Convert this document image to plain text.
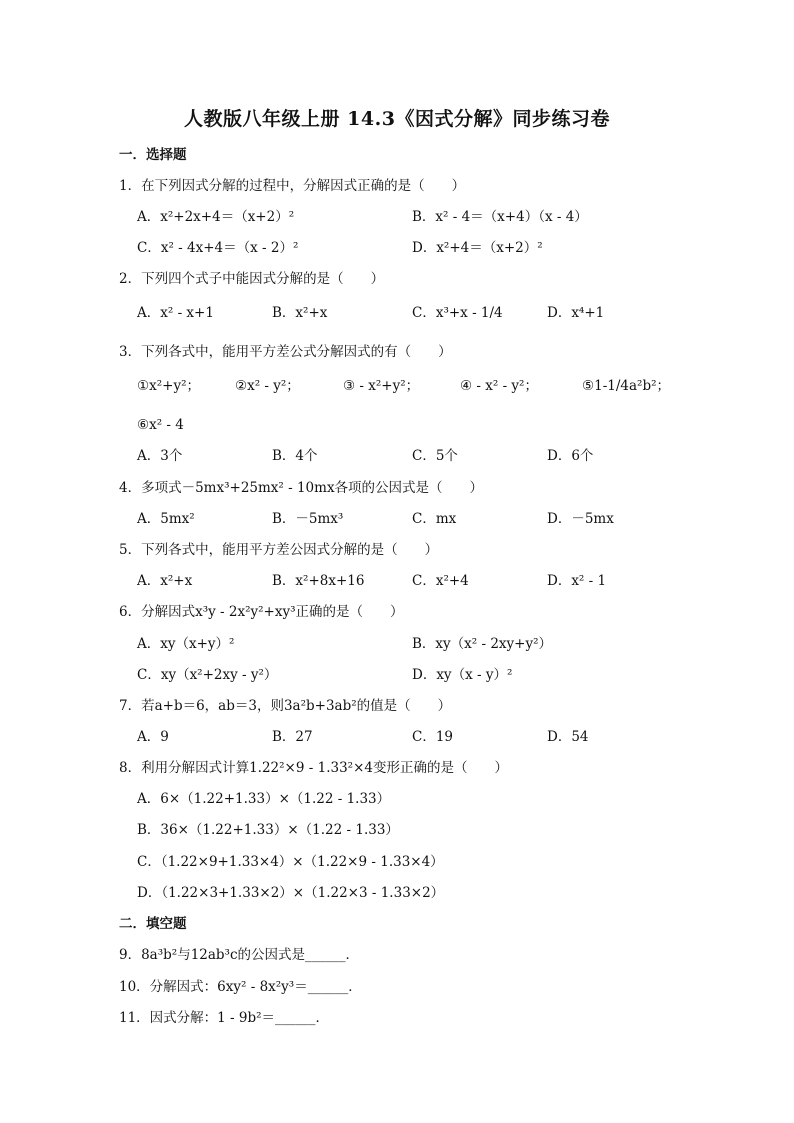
人教版八年级上册 14.3《因式分解》同步练习卷
一．选择题
1．在下列因式分解的过程中，分解因式正确的是（　　）
A．x²+2x+4＝（x+2）²	B．x² - 4＝（x+4）（x - 4）
C．x² - 4x+4＝（x - 2）²	D．x²+4＝（x+2）²
2．下列四个式子中能因式分解的是（　　）
A．x² - x+1	B．x²+x	C．x³+x - 1/4	D．x⁴+1
3．下列各式中，能用平方差公式分解因式的有（　　）
①x²+y²；	②x² - y²；	③ - x²+y²；	④ - x² - y²；	⑤1-1/4a²b²；
⑥x² - 4
A．3个	B．4个	C．5个	D．6个
4．多项式－5mx³+25mx² - 10mx各项的公因式是（　　）
A．5mx²	B．－5mx³	C．mx	D．－5mx
5．下列各式中，能用平方差公因式分解的是（　　）
A．x²+x	B．x²+8x+16	C．x²+4	D．x² - 1
6．分解因式x³y - 2x²y²+xy³正确的是（　　）
A．xy（x+y）²	B．xy（x² - 2xy+y²）
C．xy（x²+2xy - y²）	D．xy（x - y）²
7．若a+b＝6，ab＝3，则3a²b+3ab²的值是（　　）
A．9	B．27	C．19	D．54
8．利用分解因式计算1.22²×9 - 1.33²×4变形正确的是（　　）
A．6×（1.22+1.33）×（1.22 - 1.33）
B．36×（1.22+1.33）×（1.22 - 1.33）
C．（1.22×9+1.33×4）×（1.22×9 - 1.33×4）
D．（1.22×3+1.33×2）×（1.22×3 - 1.33×2）
二．填空题
9．8a³b²与12ab³c的公因式是______．
10．分解因式：6xy² - 8x²y³＝______．
11．因式分解：1 - 9b²＝______．
